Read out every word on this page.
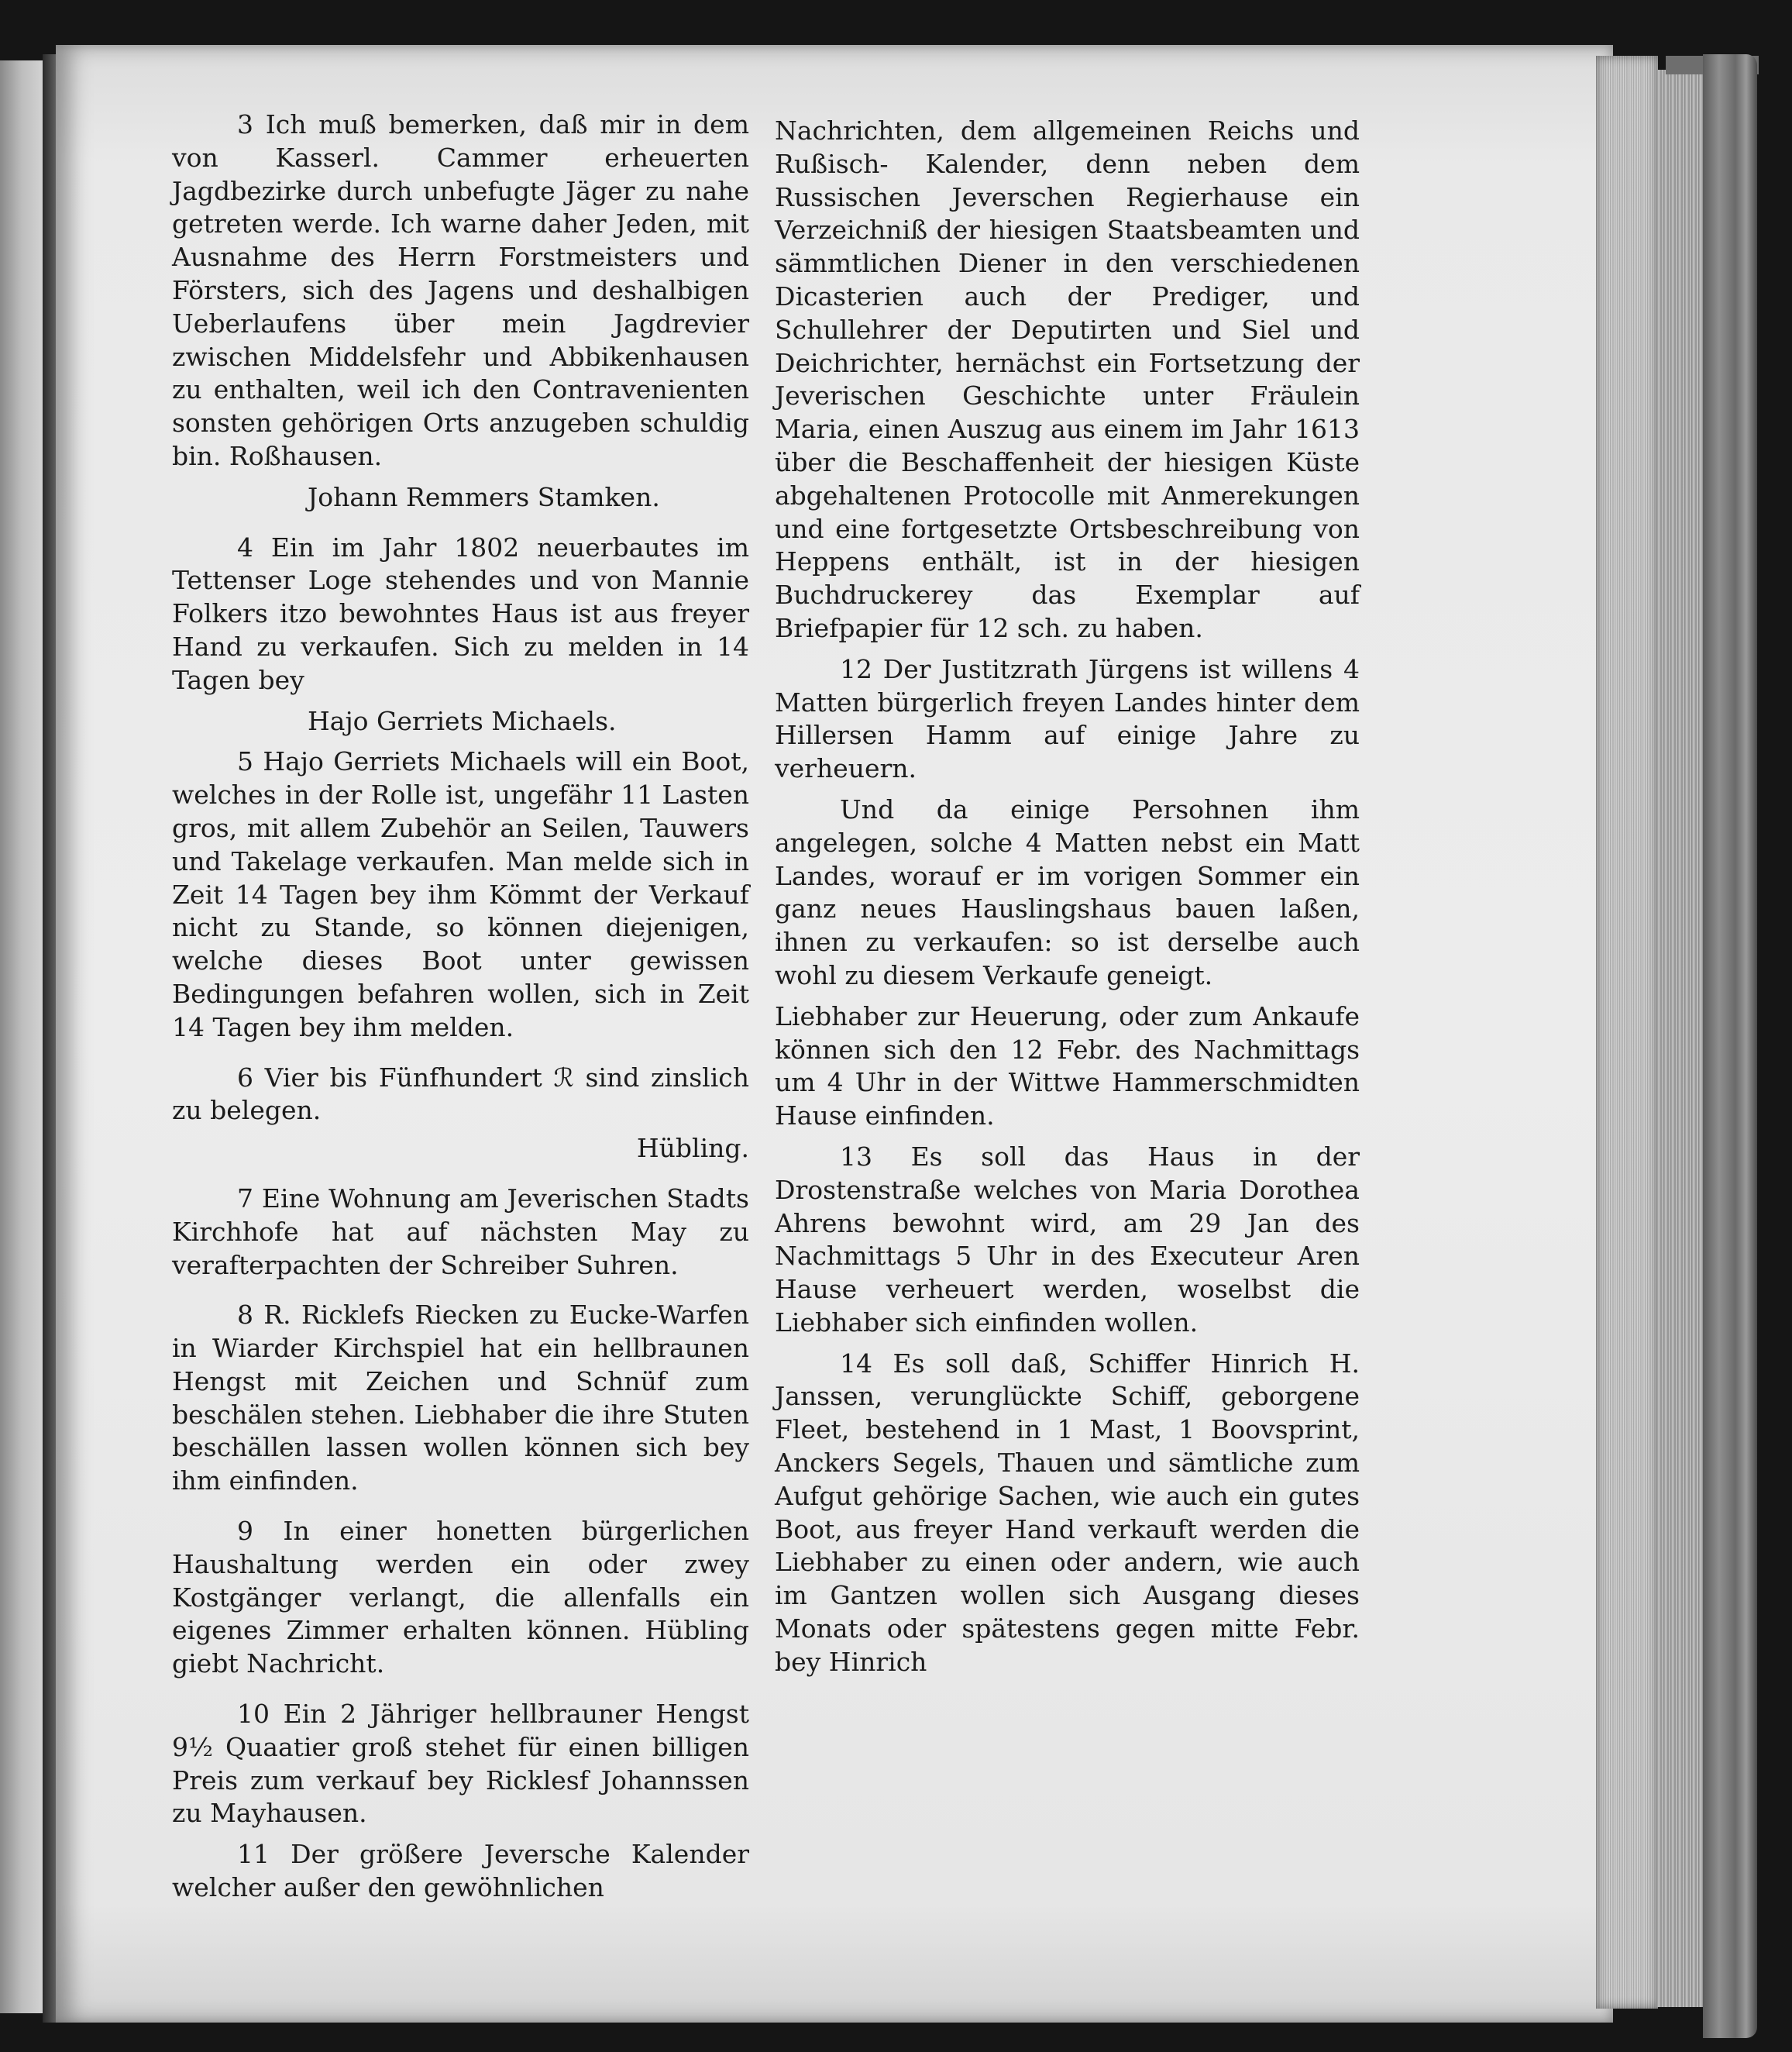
3 Ich muß bemerken, daß mir in dem von Kasserl. Cammer erheuerten Jagdbezirke durch unbefugte Jäger zu nahe getreten werde. Ich warne daher Jeden, mit Ausnahme des Herrn Forstmeisters und Försters, sich des Jagens und deshalbigen Ueberlaufens über mein Jagdrevier zwischen Middelsfehr und Abbikenhausen zu enthalten, weil ich den Contravenienten sonsten gehörigen Orts anzugeben schuldig bin. Roßhausen.

Johann Remmers Stamken.

4 Ein im Jahr 1802 neuerbautes im Tettenser Loge stehendes und von Mannie Folkers itzo bewohntes Haus ist aus freyer Hand zu verkaufen. Sich zu melden in 14 Tagen bey

Hajo Gerriets Michaels.

5 Hajo Gerriets Michaels will ein Boot, welches in der Rolle ist, ungefähr 11 Lasten gros, mit allem Zubehör an Seilen, Tauwers und Takelage verkaufen. Man melde sich in Zeit 14 Tagen bey ihm Kömmt der Verkauf nicht zu Stande, so können diejenigen, welche dieses Boot unter gewissen Bedingungen befahren wollen, sich in Zeit 14 Tagen bey ihm melden.

6 Vier bis Fünfhundert ℛ sind zinslich zu belegen.

Hübling.

7 Eine Wohnung am Jeverischen Stadts Kirchhofe hat auf nächsten May zu verafterpachten der Schreiber Suhren.

8 R. Ricklefs Riecken zu Eucke-Warfen in Wiarder Kirchspiel hat ein hellbraunen Hengst mit Zeichen und Schnüf zum beschälen stehen. Liebhaber die ihre Stuten beschällen lassen wollen können sich bey ihm einfinden.

9 In einer honetten bürgerlichen Haushaltung werden ein oder zwey Kostgänger verlangt, die allenfalls ein eigenes Zimmer erhalten können. Hübling giebt Nachricht.

10 Ein 2 Jähriger hellbrauner Hengst 9½ Quaatier groß stehet für einen billigen Preis zum verkauf bey Ricklesf Johannssen zu Mayhausen.

11 Der größere Jeversche Kalender welcher außer den gewöhnlichen

Nachrichten, dem allgemeinen Reichs und Rußisch- Kalender, denn neben dem Russischen Jeverschen Regierhause ein Verzeichniß der hiesigen Staatsbeamten und sämmtlichen Diener in den verschiedenen Dicasterien auch der Prediger, und Schullehrer der Deputirten und Siel und Deichrichter, hernächst ein Fortsetzung der Jeverischen Geschichte unter Fräulein Maria, einen Auszug aus einem im Jahr 1613 über die Beschaffenheit der hiesigen Küste abgehaltenen Protocolle mit Anmerekungen und eine fortgesetzte Ortsbeschreibung von Heppens enthält, ist in der hiesigen Buchdruckerey das Exemplar auf Briefpapier für 12 sch. zu haben.

12 Der Justitzrath Jürgens ist willens 4 Matten bürgerlich freyen Landes hinter dem Hillersen Hamm auf einige Jahre zu verheuern.

Und da einige Persohnen ihm angelegen, solche 4 Matten nebst ein Matt Landes, worauf er im vorigen Sommer ein ganz neues Hauslingshaus bauen laßen, ihnen zu verkaufen: so ist derselbe auch wohl zu diesem Verkaufe geneigt.

Liebhaber zur Heuerung, oder zum Ankaufe können sich den 12 Febr. des Nachmittags um 4 Uhr in der Wittwe Hammerschmidten Hause einfinden.

13 Es soll das Haus in der Drostenstraße welches von Maria Dorothea Ahrens bewohnt wird, am 29 Jan des Nachmittags 5 Uhr in des Executeur Aren Hause verheuert werden, woselbst die Liebhaber sich einfinden wollen.

14 Es soll daß, Schiffer Hinrich H. Janssen, verunglückte Schiff, geborgene Fleet, bestehend in 1 Mast, 1 Boovsprint, Anckers Segels, Thauen und sämtliche zum Aufgut gehörige Sachen, wie auch ein gutes Boot, aus freyer Hand verkauft werden die Liebhaber zu einen oder andern, wie auch im Gantzen wollen sich Ausgang dieses Monats oder spätestens gegen mitte Febr. bey Hinrich
